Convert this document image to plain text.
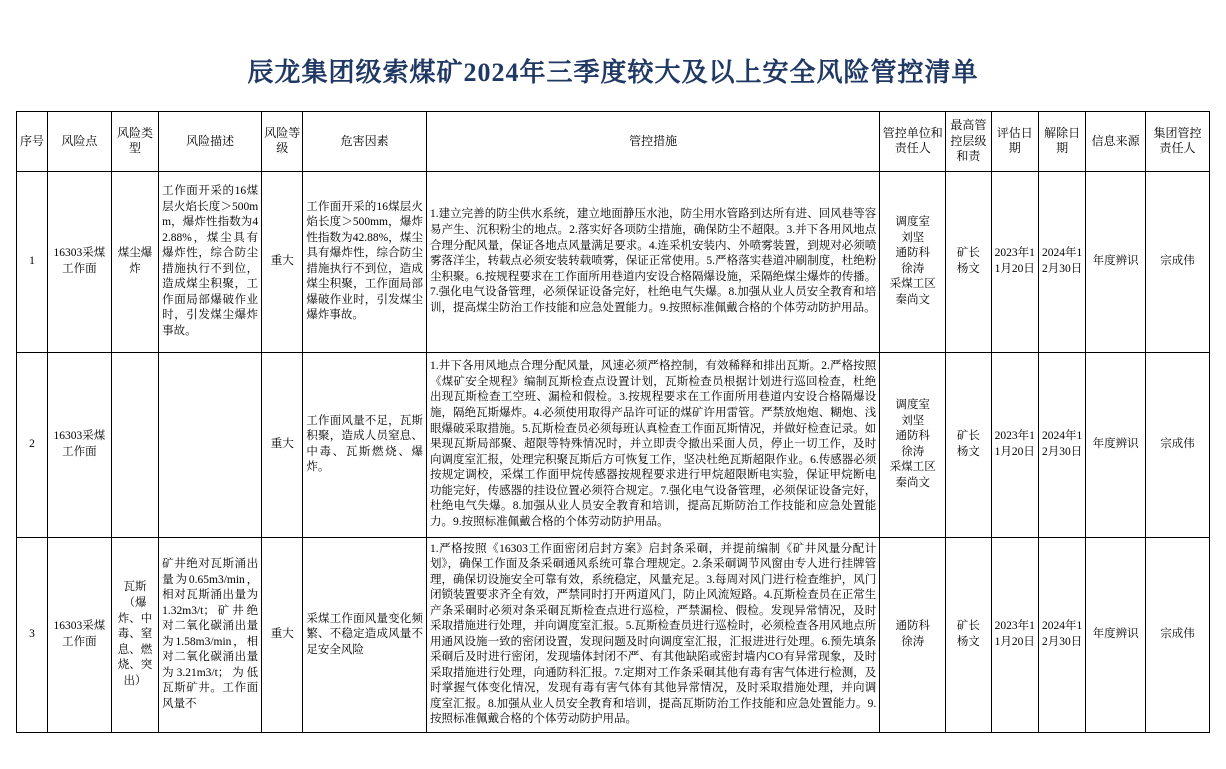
辰龙集团级索煤矿2024年三季度较大及以上安全风险管控清单
序号	风险点	风险类型	风险描述	风险等级	危害因素	管控措施	管控单位和责任人	最高管控层级和责	评估日期	解除日期	信息来源	集团管控责任人
1	16303采煤工作面	煤尘爆炸	工作面开采的16煤层火焰长度＞500mm，爆炸性指数为42.88%，煤尘具有爆炸性，综合防尘措施执行不到位，造成煤尘积聚，工作面局部爆破作业时，引发煤尘爆炸事故。	重大	工作面开采的16煤层火焰长度＞500mm，爆炸性指数为42.88%，煤尘具有爆炸性，综合防尘措施执行不到位，造成煤尘积聚，工作面局部爆破作业时，引发煤尘爆炸事故。	1.建立完善的防尘供水系统，建立地面静压水池，防尘用水管路到达所有进、回风巷等容易产生、沉积粉尘的地点。2.落实好各项防尘措施，确保防尘不超限。3.并下各用风地点合理分配风量，保证各地点风量满足要求。4.连采机安装内、外喷雾装置，到规对必须喷雾落洋尘，转载点必须安装转载喷雾，保证正常使用。5.严格落实巷道冲刷制度，杜绝粉尘积聚。6.按规程要求在工作面所用巷道内安设合格隔爆设施，采隔绝煤尘爆炸的传播。7.强化电气设备管理，必须保证设备完好，杜绝电气失爆。8.加强从业人员安全教育和培训，提高煤尘防治工作技能和应急处置能力。9.按照标准佩戴合格的个体劳动防护用品。	调度室
刘坚
通防科
徐涛
采煤工区
秦尚文	矿长
杨文	2023年11月20日	2024年12月30日	年度辨识	宗成伟
2	16303采煤工作面			重大	工作面风量不足，瓦斯积聚，造成人员窒息、中毒、瓦斯燃烧、爆炸。	1.井下各用风地点合理分配风量，风速必须严格控制，有效稀释和排出瓦斯。2.严格按照《煤矿安全规程》编制瓦斯检查点设置计划，瓦斯检查员根据计划进行巡回检查，杜绝出现瓦斯检查工空班、漏检和假检。3.按规程要求在工作面所用巷道内安设合格隔爆设施，隔绝瓦斯爆炸。4.必须使用取得产品许可证的煤矿许用雷管。严禁放炮炮、糊炮、浅眼爆破采取措施。5.瓦斯检查员必须每班认真检查工作面瓦斯情况，并做好检查记录。如果现瓦斯局部聚、超限等特殊情况时，并立即责令撤出采面人员，停止一切工作，及时向调度室汇报，处理完积聚瓦斯后方可恢复工作，坚决杜绝瓦斯超限作业。6.传感器必须按规定调校，采煤工作面甲烷传感器按规程要求进行甲烷超限断电实验，保证甲烷断电功能完好，传感器的挂设位置必须符合规定。7.强化电气设备管理，必须保证设备完好，杜绝电气失爆。8.加强从业人员安全教育和培训，提高瓦斯防治工作技能和应急处置能力。9.按照标准佩戴合格的个体劳动防护用品。	调度室
刘坚
通防科
徐涛
采煤工区
秦尚文	矿长
杨文	2023年11月20日	2024年12月30日	年度辨识	宗成伟
3	16303采煤工作面	瓦斯（爆炸、中毒、窒息、燃烧、突出）	矿井绝对瓦斯涌出量为0.65m3/min，相对瓦斯涌出量为1.32m3/t；矿井绝对二氧化碳涌出量为1.58m3/min，相对二氧化碳涌出量为3.21m3/t；为低瓦斯矿井。工作面风量不	重大	采煤工作面风量变化频繁、不稳定造成风量不足安全风险	1.严格按照《16303工作面密闭启封方案》启封条采硐，并提前编制《矿井风量分配计划》，确保工作面及条采硐通风系统可靠合理规定。2.条采硐调节风窗由专人进行挂牌管理，确保切设施安全可靠有效，系统稳定，风量充足。3.每周对风门进行检查维护，风门闭锁装置要求齐全有效，严禁同时打开两道风门，防止风流短路。4.瓦斯检查员在正常生产条采硐时必须对条采硐瓦斯检查点进行巡检，严禁漏检、假检。发现异常情况，及时采取措施进行处理，并向调度室汇报。5.瓦斯检查员进行巡检时，必须检查各用风地点所用通风设施一致的密闭设置，发现问题及时向调度室汇报，汇报进进行处理。6.预先填条采硐后及时进行密闭，发现墙体封闭不严、有其他缺陷或密封墙内CO有异常现象，及时采取措施进行处理，向通防科汇报。7.定期对工作条采硐其他有毒有害气体进行检测，及时掌握气体变化情况，发现有毒有害气体有其他异常情况，及时采取措施处理，并向调度室汇报。8.加强从业人员安全教育和培训，提高瓦斯防治工作技能和应急处置能力。9.按照标准佩戴合格的个体劳动防护用品。	通防科
徐涛	矿长
杨文	2023年11月20日	2024年12月30日	年度辨识	宗成伟
